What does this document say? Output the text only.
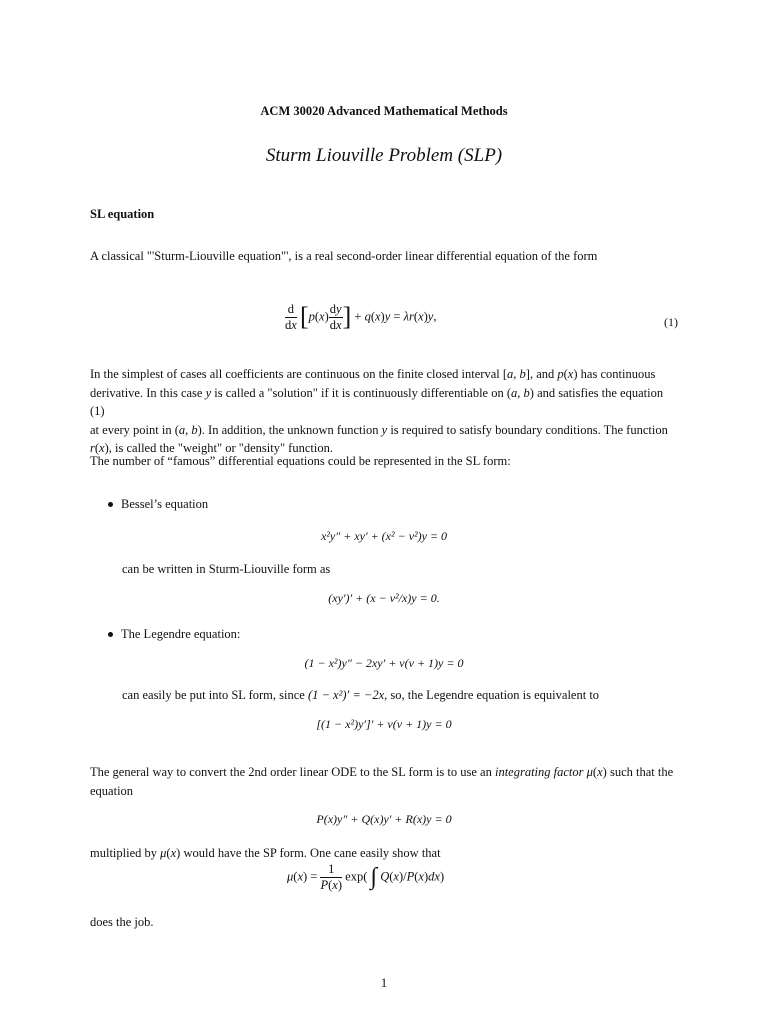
ACM 30020 Advanced Mathematical Methods
Sturm Liouville Problem (SLP)
SL equation
A classical "'Sturm-Liouville equation"', is a real second-order linear differential equation of the form
$\frac{d}{dx} [p(x) \frac{dy}{dx}$ ] + q(x)y = λr(x)y,	(1)
In the simplest of cases all coefficients are continuous on the finite closed interval [a, b], and p(x) has continuous
derivative. In this case y is called a "solution" if it is continuously differentiable on (a, b) and satisfies the equation (1)
at every point in (a, b). In addition, the unknown function y is required to satisfy boundary conditions. The function
r(x), is called the "weight" or "density" function.
The number of “famous” differential equations could be represented in the SL form:
Bessel’s equation
x²y″ + xy′ + (x² − ν²)y = 0
can be written in Sturm-Liouville form as
(xy′)′ + (x − ν²/x)y = 0.
The Legendre equation:
(1 − x²)y″ − 2xy′ + ν(ν + 1)y = 0
can easily be put into SL form, since (1 − x²)′ = −2x, so, the Legendre equation is equivalent to
[(1 − x²)y′]′ + ν(ν + 1)y = 0
The general way to convert the 2nd order linear ODE to the SL form is to use an integrating factor μ(x) such that the
equation
P(x)y″ + Q(x)y′ + R(x)y = 0
multiplied by μ(x) would have the SP form. One cane easily show that
$\mu(x) = \frac{1}{P(x)} \exp$( ∫ Q(x)/P(x)dx)
does the job.
1
